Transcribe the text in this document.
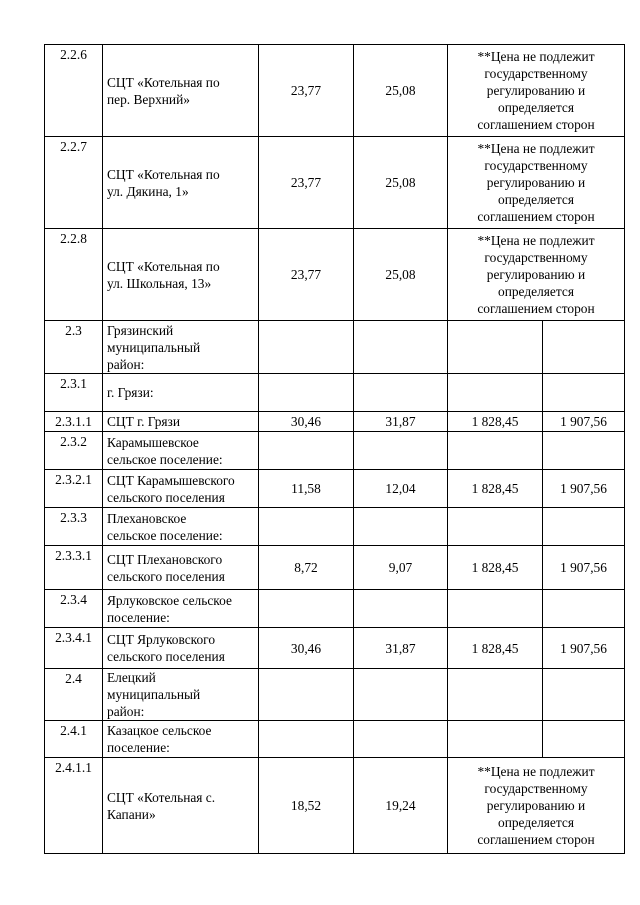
2.2.6	СЦТ «Котельная по
пер. Верхний»	23,77	25,08	**Цена не подлежит
государственному
регулированию и
определяется
соглашением сторон	

2.2.7	СЦТ «Котельная по
ул. Дякина, 1»	23,77	25,08	**Цена не подлежит
государственному
регулированию и
определяется
соглашением сторон	

2.2.8	СЦТ «Котельная по
ул. Школьная, 13»	23,77	25,08	**Цена не подлежит
государственному
регулированию и
определяется
соглашением сторон	

2.3	Грязинский
муниципальный
район:				

2.3.1	г. Грязи:				

2.3.1.1	СЦТ г. Грязи	30,46	31,87	1 828,45	1 907,56
2.3.2	Карамышевское
сельское поселение:				

2.3.2.1	СЦТ Карамышевского
сельского поселения	11,58	12,04	1 828,45	1 907,56
2.3.3	Плехановское
сельское поселение:				

2.3.3.1	СЦТ Плехановского
сельского поселения	8,72	9,07	1 828,45	1 907,56
2.3.4	Ярлуковское сельское
поселение:				

2.3.4.1	СЦТ Ярлуковского
сельского поселения	30,46	31,87	1 828,45	1 907,56
2.4	Елецкий
муниципальный
район:				

2.4.1	Казацкое сельское
поселение:				

2.4.1.1	СЦТ «Котельная с.
Капани»	18,52	19,24	**Цена не подлежит
государственному
регулированию и
определяется
соглашением сторон	
